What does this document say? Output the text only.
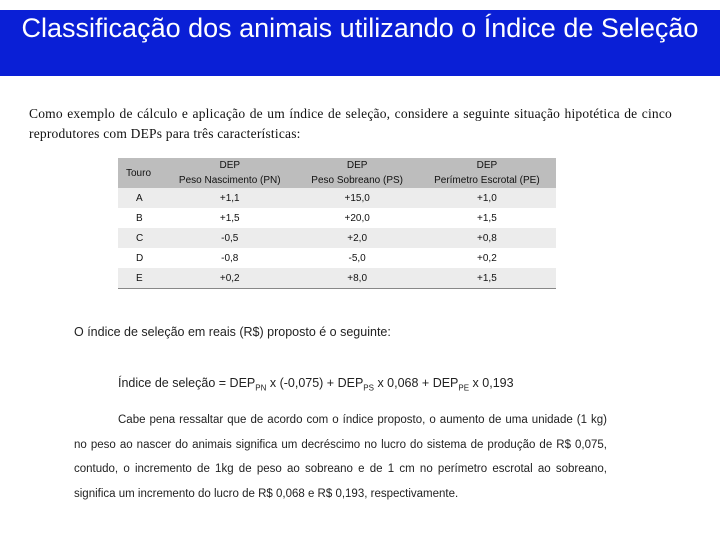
Classificação dos animais utilizando o Índice de Seleção
Como exemplo de cálculo e aplicação de um índice de seleção, considere a seguinte situação hipotética de cinco reprodutores com DEPs para três características:
Touro	DEP	DEP	DEP
	Peso Nascimento (PN)	Peso Sobreano (PS)	Perímetro Escrotal (PE)
A	+1,1	+15,0	+1,0
B	+1,5	+20,0	+1,5
C	-0,5	+2,0	+0,8
D	-0,8	-5,0	+0,2
E	+0,2	+8,0	+1,5
O índice de seleção em reais (R$) proposto é o seguinte:
Índice de seleção = $DEP_{PN}$ x $(-0,075) + DEP_{PS}$ x $0,068 + DEP_{PE}$ x 0,193
Cabe pena ressaltar que de acordo com o índice proposto, o aumento de uma unidade (1 kg) no peso ao nascer do animais significa um decréscimo no lucro do sistema de produção de R$ 0,075, contudo, o incremento de 1kg de peso ao sobreano e de 1 cm no perímetro escrotal ao sobreano, significa um incremento do lucro de R$ 0,068 e R$ 0,193, respectivamente.
